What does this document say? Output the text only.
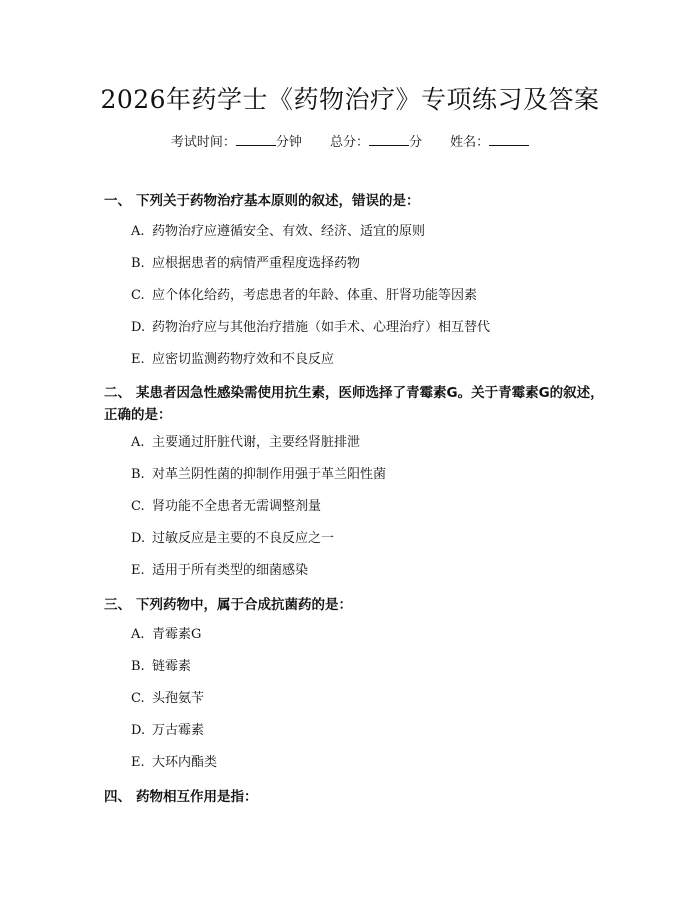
2026年药学士《药物治疗》专项练习及答案
考试时间：	分钟 总分：	分 姓名：
一、 下列关于药物治疗基本原则的叙述，错误的是：
A. 药物治疗应遵循安全、有效、经济、适宜的原则
B. 应根据患者的病情严重程度选择药物
C. 应个体化给药，考虑患者的年龄、体重、肝肾功能等因素
D. 药物治疗应与其他治疗措施（如手术、心理治疗）相互替代
E. 应密切监测药物疗效和不良反应
二、 某患者因急性感染需使用抗生素，医师选择了青霉素G。关于青霉素G的叙述，正确的是：
A. 主要通过肝脏代谢，主要经肾脏排泄
B. 对革兰阴性菌的抑制作用强于革兰阳性菌
C. 肾功能不全患者无需调整剂量
D. 过敏反应是主要的不良反应之一
E. 适用于所有类型的细菌感染
三、 下列药物中，属于合成抗菌药的是：
A. 青霉素G
B. 链霉素
C. 头孢氨苄
D. 万古霉素
E. 大环内酯类
四、 药物相互作用是指：
